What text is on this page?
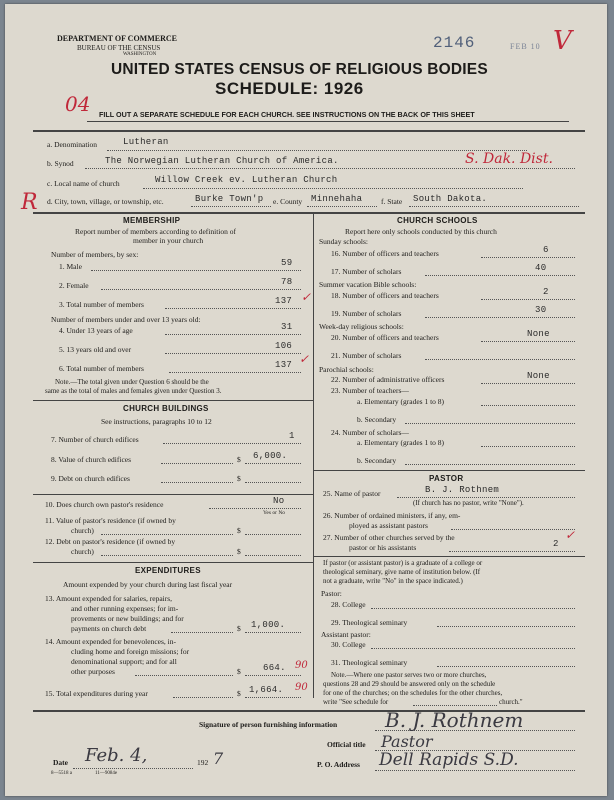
DEPARTMENT OF COMMERCE
BUREAU OF THE CENSUS
WASHINGTON
2146	FEB 10 V
UNITED STATES CENSUS OF RELIGIOUS BODIES
SCHEDULE: 1926
04 FILL OUT A SEPARATE SCHEDULE FOR EACH CHURCH. SEE INSTRUCTIONS ON THE BACK OF THIS SHEET
a. Denomination	Lutheran
b. Synod	The Norwegian Lutheran Church of America.	S. Dak. Dist.
c. Local name of church	Willow Creek ev. Lutheran Church
R d. City, town, village, or township, etc.	Burke Town'p e. County Minnehaha f. State South Dakota.
MEMBERSHIP
Report number of members according to definition of
member in your church
Number of members, by sex:
1. Male	59
2. Female	78
3. Total number of members	137 ✓
Number of members under and over 13 years old:
4. Under 13 years of age	31
5. 13 years old and over	106
6. Total number of members	137 ✓
Note.—The total given under Question 6 should be the
same as the total of males and females given under Question 3.
CHURCH BUILDINGS
See instructions, paragraphs 10 to 12
7. Number of church edifices	1
8. Value of church edifices	$ 6,000.
9. Debt on church edifices	$
10. Does church own pastor's residence	No
Yes or No
11. Value of pastor's residence (if owned by
church)	$
12. Debt on pastor's residence (if owned by
church)	$
EXPENDITURES
Amount expended by your church during last fiscal year
13. Amount expended for salaries, repairs,
and other running expenses; for im-
provements or new buildings; and for
payments on church debt	$ 1,000.
14. Amount expended for benevolences, in-
cluding home and foreign missions; for
denominational support; and for all
other purposes	$ 664. 90
15. Total expenditures during year	$ 1,664. 90
CHURCH SCHOOLS
Report here only schools conducted by this church
Sunday schools:
16. Number of officers and teachers	6
17. Number of scholars	40
Summer vacation Bible schools:
18. Number of officers and teachers	2
19. Number of scholars	30
Week-day religious schools:
20. Number of officers and teachers	None
21. Number of scholars
Parochial schools:
22. Number of administrative officers	None
23. Number of teachers—
a. Elementary (grades 1 to 8)
b. Secondary
24. Number of scholars—
a. Elementary (grades 1 to 8)
b. Secondary
PASTOR
25. Name of pastor	B. J. Rothnem
(If church has no pastor, write "None").
26. Number of ordained ministers, if any, em-
ployed as assistant pastors
27. Number of other churches served by the
pastor or his assistants	2
✓
If pastor (or assistant pastor) is a graduate of a college or
theological seminary, give name of institution below. (If
not a graduate, write "No" in the space indicated.)
Pastor:
28. College
29. Theological seminary
Assistant pastor:
30. College
31. Theological seminary
Note.—Where one pastor serves two or more churches,
questions 28 and 29 should be answered only on the schedule
for one of the churches; on the schedules for the other churches,
write "See schedule for	church."
Signature of person furnishing information B. J. Rothnem
Official title Pastor
Date Feb. 4,	192 7	P. O. Address Dell Rapids S.D.
8—5518 a	11—9084e
